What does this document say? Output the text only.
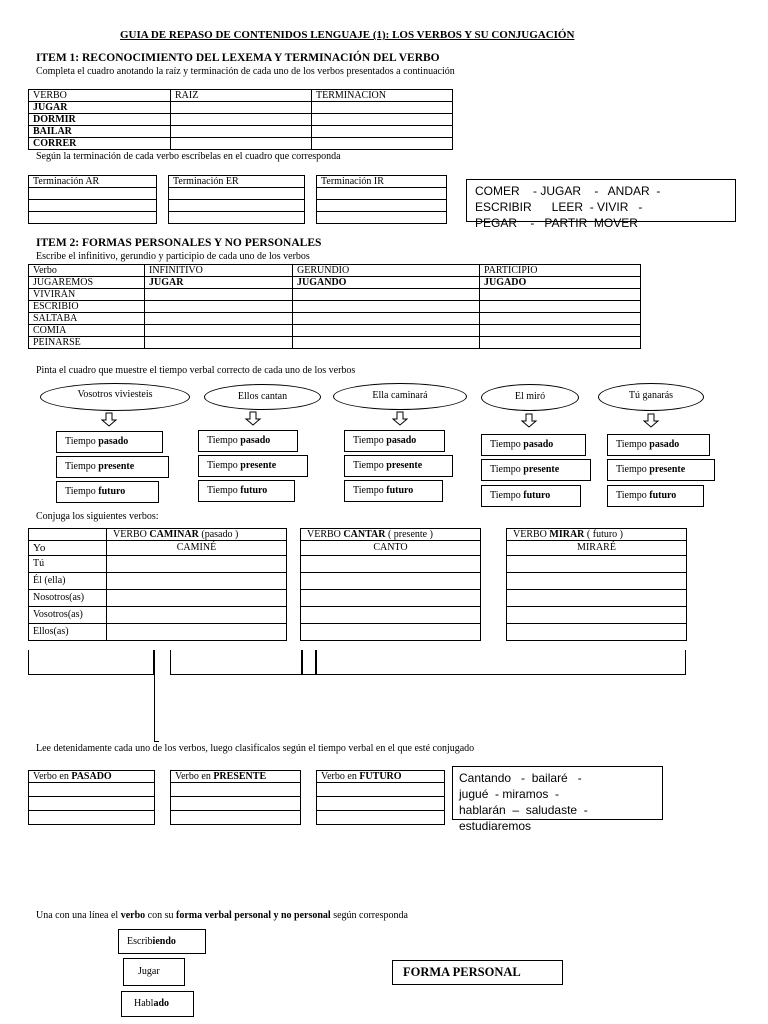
GUIA DE REPASO DE CONTENIDOS LENGUAJE (1): LOS VERBOS Y SU CONJUGACIÓN
ITEM 1: RECONOCIMIENTO DEL LEXEMA Y TERMINACIÓN DEL VERBO
Completa el cuadro anotando la raíz y terminación de cada uno de los verbos presentados a continuación
VERBO	RAIZ	TERMINACION
JUGAR		
DORMIR		
BAILAR		
CORRER		
Según la terminación de cada verbo escríbelas en el cuadro que corresponda
Terminación AR		Terminación ER		Terminación IR

COMER    - JUGAR    -   ANDAR  -
ESCRIBIR      LEER  - VIVIR   -
PEGAR    -   PARTIR  MOVER
ITEM 2: FORMAS PERSONALES Y NO PERSONALES
Escribe el infinitivo, gerundio y participio de cada uno de los verbos
Verbo	INFINITIVO	GERUNDIO	PARTICIPIO
JUGAREMOS	JUGAR	JUGANDO	JUGADO
VIVIRÁN			
ESCRIBIO			
SALTABA			
COMIA			
PEINARSE			
Pinta el cuadro que muestre el tiempo verbal correcto de cada uno de los verbos
Vosotros viviesteis
Tiempo pasado
Tiempo presente
Tiempo futuro
Ellos cantan
Tiempo pasado
Tiempo presente
Tiempo futuro
Ella caminará
Tiempo pasado
Tiempo presente
Tiempo futuro
El miró
Tiempo pasado
Tiempo presente
Tiempo futuro
Tú ganarás
Tiempo pasado
Tiempo presente
Tiempo futuro
Conjuga los siguientes verbos:
	VERBO CAMINAR (pasado )		VERBO CANTAR ( presente )		VERBO MIRAR ( futuro )
Yo	CAMINÉ		CANTO		MIRARÉ
Tú					
Él (ella)					
Nosotros(as)					
Vosotros(as)					
Ellos(as)					
Lee detenidamente cada uno de los verbos, luego clasifícalos según el tiempo verbal en el que esté conjugado
Verbo en PASADO		Verbo en PRESENTE		Verbo en FUTURO

					Cantando   -  bailaré   -
jugué  - miramos  -
hablarán  –  saludaste  -
estudiaremos
Una con una línea el verbo con su forma verbal personal y no personal según corresponda
Escribiendo
Jugar
Hablado
FORMA PERSONAL
